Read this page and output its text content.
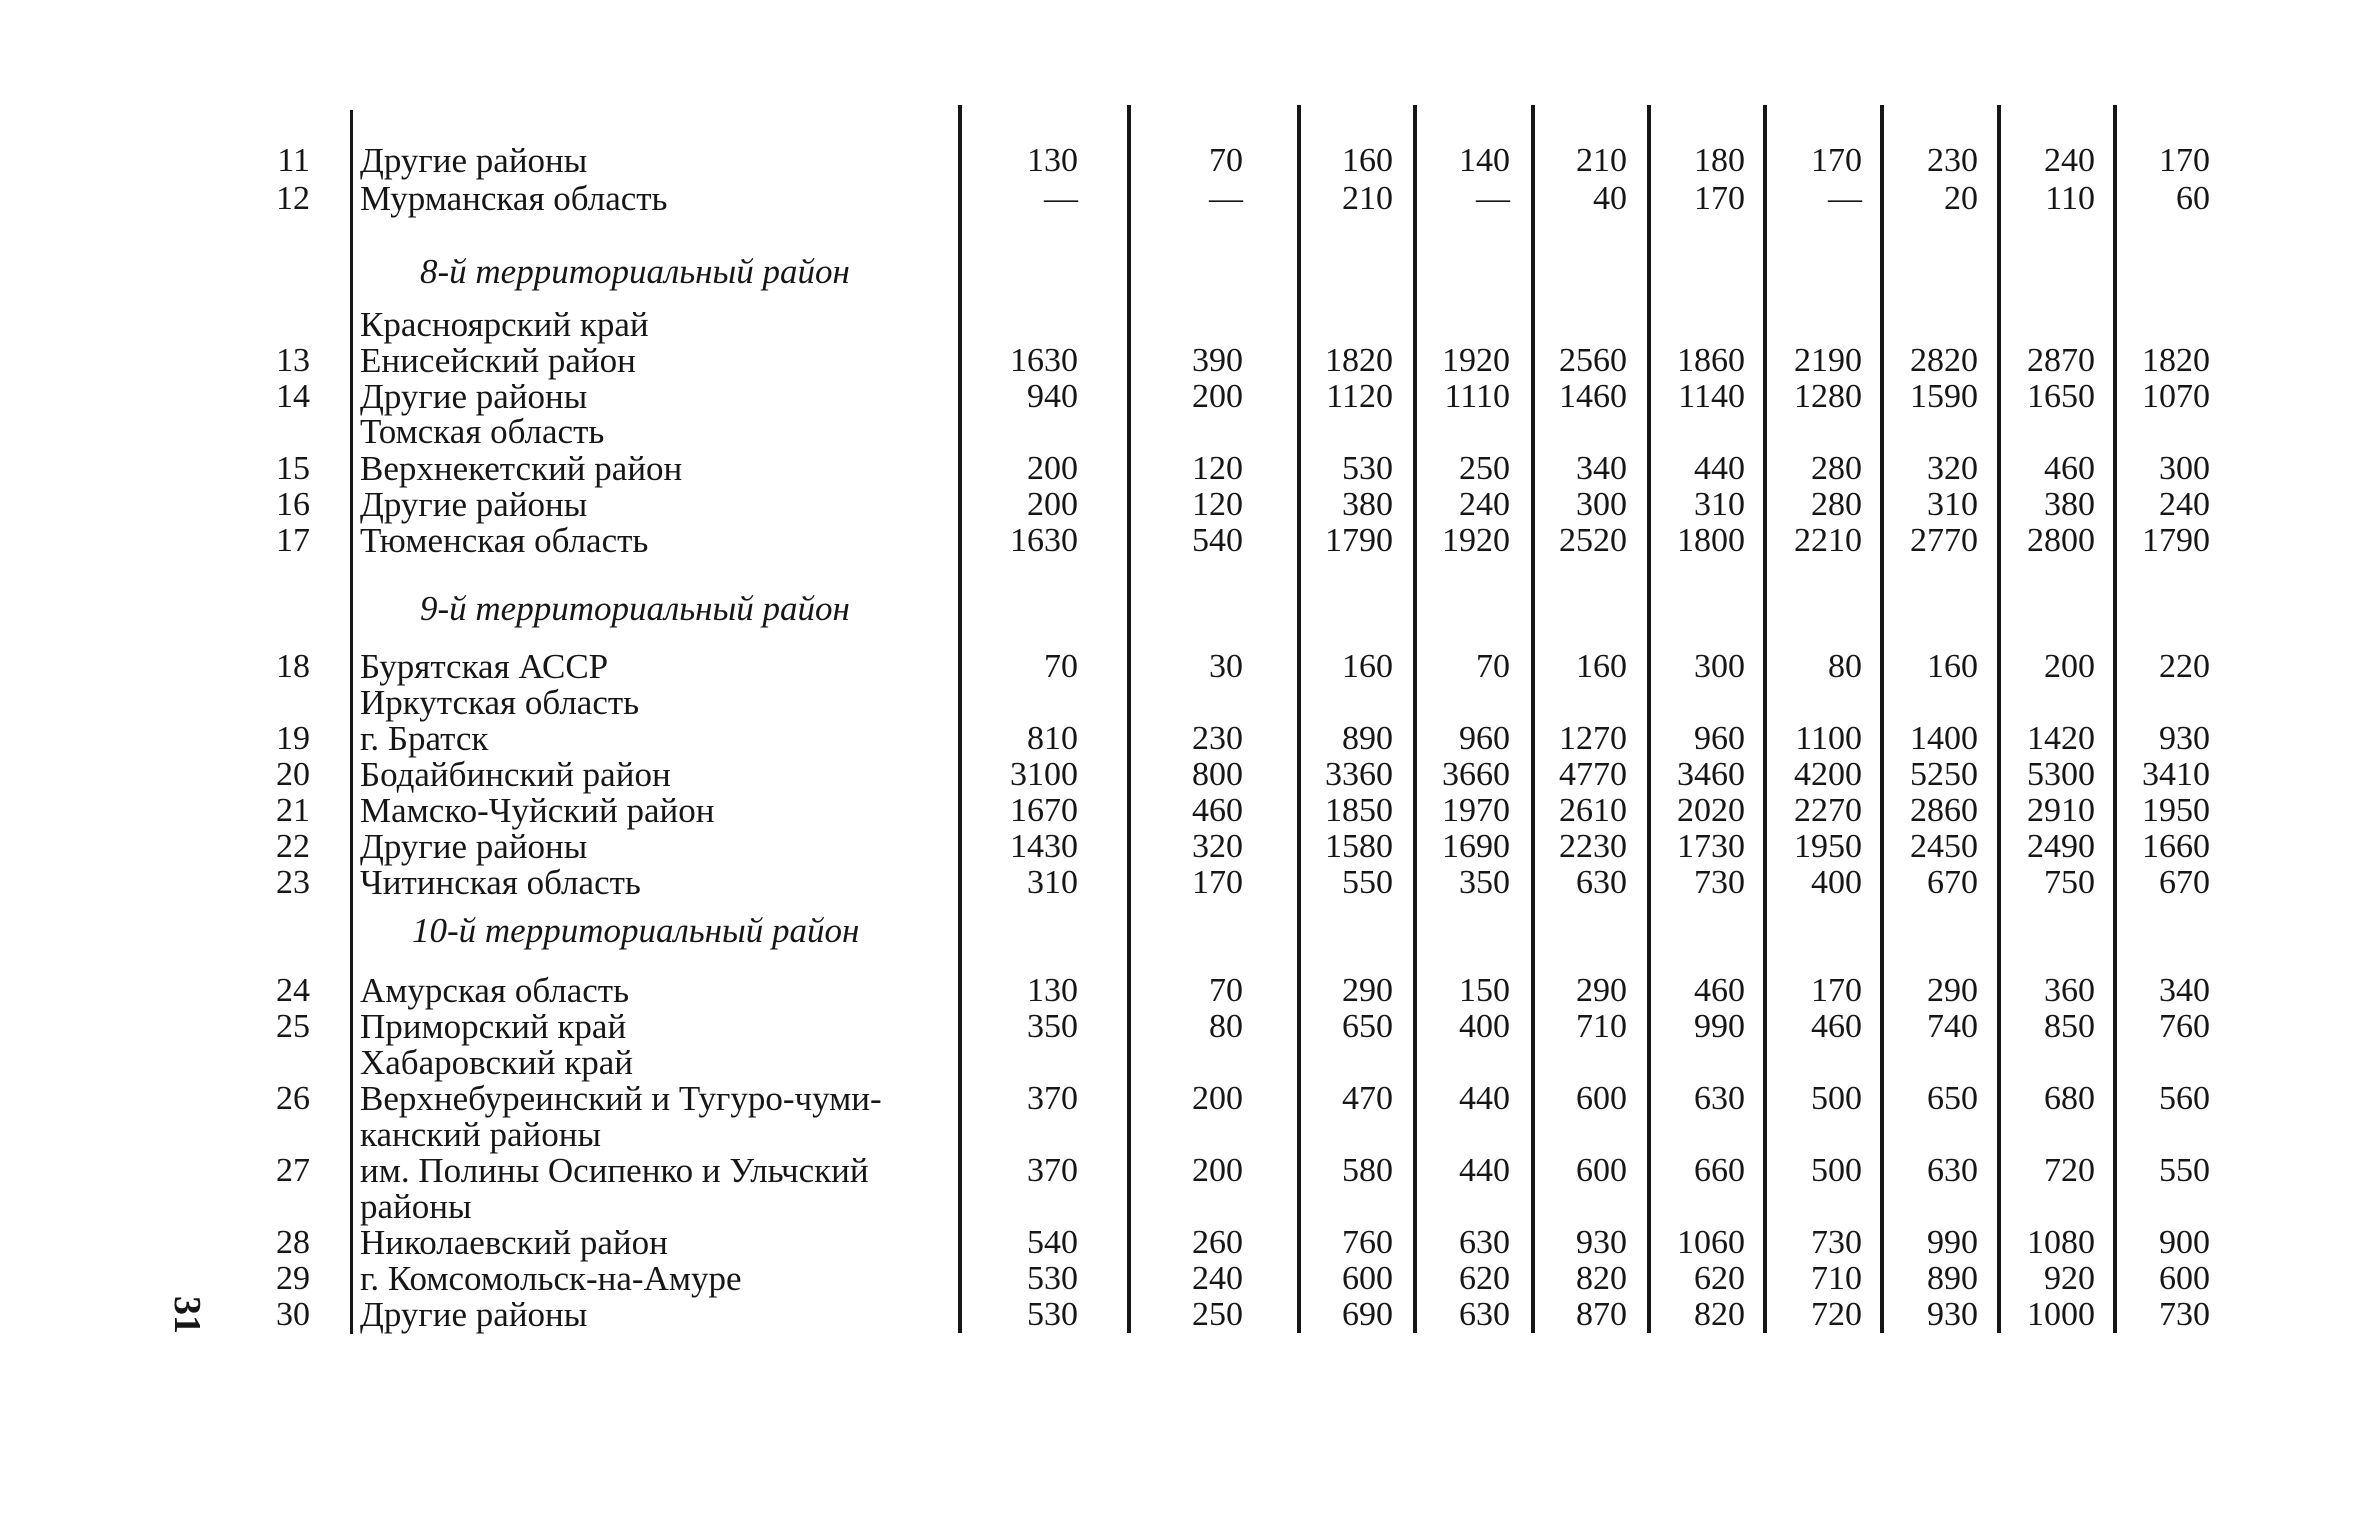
31
8-й территориальный район
9-й территориальный район
10-й территориальный район
11 Другие районы	130	70	160	140	210	180	170	230	240	170
12 Мурманская область	—	—	210	—	40	170	—	20	110	60
Красноярский край
13 Енисейский район	1630	390	1820	1920	2560	1860	2190	2820	2870	1820
14 Другие районы	940	200	1120	1110	1460	1140	1280	1590	1650	1070
Томская область
15 Верхнекетский район	200	120	530	250	340	440	280	320	460	300
16 Другие районы	200	120	380	240	300	310	280	310	380	240
17 Тюменская область	1630	540	1790	1920	2520	1800	2210	2770	2800	1790
18 Бурятская АССР	70	30	160	70	160	300	80	160	200	220
Иркутская область
19 г. Братск	810	230	890	960	1270	960	1100	1400	1420	930
20 Бодайбинский район	3100	800	3360	3660	4770	3460	4200	5250	5300	3410
21 Мамско-Чуйский район	1670	460	1850	1970	2610	2020	2270	2860	2910	1950
22 Другие районы	1430	320	1580	1690	2230	1730	1950	2450	2490	1660
23 Читинская область	310	170	550	350	630	730	400	670	750	670
24 Амурская область	130	70	290	150	290	460	170	290	360	340
25 Приморский край	350	80	650	400	710	990	460	740	850	760
Хабаровский край
26 Верхнебуреинский и Тугуро-чуми-	370	200	470	440	600	630	500	650	680	560
канский районы
27 им. Полины Осипенко и Ульчский	370	200	580	440	600	660	500	630	720	550
районы
28 Николаевский район	540	260	760	630	930	1060	730	990	1080	900
29 г. Комсомольск-на-Амуре	530	240	600	620	820	620	710	890	920	600
30 Другие районы	530	250	690	630	870	820	720	930	1000	730
